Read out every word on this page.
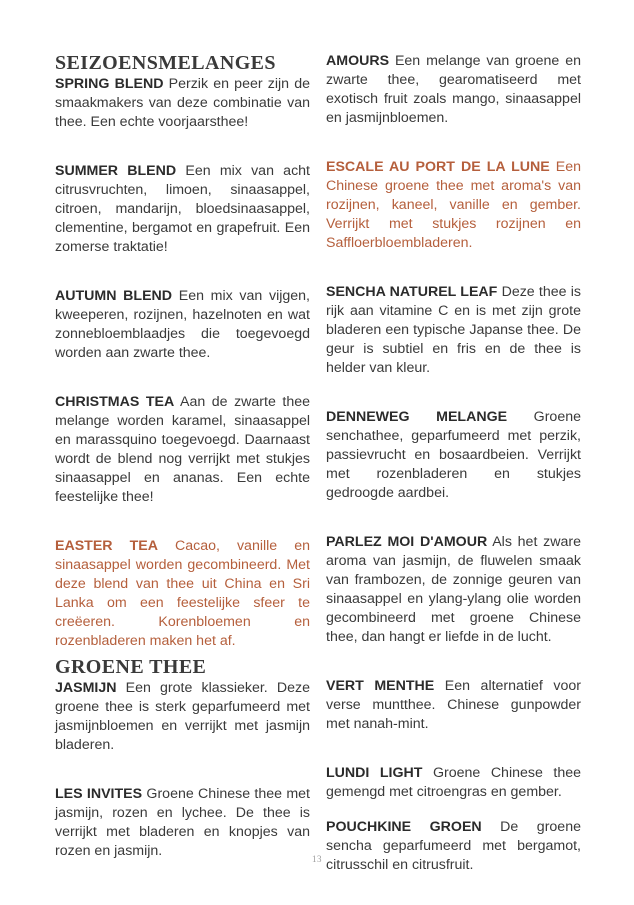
SEIZOENSMELANGES

SPRING BLEND Perzik en peer zijn de smaakmakers van deze combinatie van thee. Een echte voorjaarsthee!

SUMMER BLEND Een mix van acht citrusvruchten, limoen, sinaasappel, citroen, mandarijn, bloedsinaasappel, clementine, bergamot en grapefruit. Een zomerse traktatie!

AUTUMN BLEND Een mix van vijgen, kweeperen, rozijnen, hazelnoten en wat zonnebloemblaadjes die toegevoegd worden aan zwarte thee.

CHRISTMAS TEA Aan de zwarte thee melange worden karamel, sinaasappel en marassquino toegevoegd. Daarnaast wordt de blend nog verrijkt met stukjes sinaasappel en ananas. Een echte feestelijke thee!

EASTER TEA Cacao, vanille en sinaasappel worden gecombineerd. Met deze blend van thee uit China en Sri Lanka om een feestelijke sfeer te creëeren. Korenbloemen en rozenbladeren maken het af.

GROENE THEE

JASMIJN Een grote klassieker. Deze groene thee is sterk geparfumeerd met jasmijnbloemen en verrijkt met jasmijn bladeren.

LES INVITES Groene Chinese thee met jasmijn, rozen en lychee. De thee is verrijkt met bladeren en knopjes van rozen en jasmijn.

AMOURS Een melange van groene en zwarte thee, gearomatiseerd met exotisch fruit zoals mango, sinaasappel en jasmijnbloemen.

ESCALE AU PORT DE LA LUNE Een Chinese groene thee met aroma's van rozijnen, kaneel, vanille en gember. Verrijkt met stukjes rozijnen en Saffloerbloembladeren.

SENCHA NATUREL LEAF Deze thee is rijk aan vitamine C en is met zijn grote bladeren een typische Japanse thee. De geur is subtiel en fris en de thee is helder van kleur.

DENNEWEG MELANGE Groene senchathee, geparfumeerd met perzik, passievrucht en bosaardbeien. Verrijkt met rozenbladeren en stukjes gedroogde aardbei.

PARLEZ MOI D'AMOUR Als het zware aroma van jasmijn, de fluwelen smaak van frambozen, de zonnige geuren van sinaasappel en ylang-ylang olie worden gecombineerd met groene Chinese thee, dan hangt er liefde in de lucht.

VERT MENTHE Een alternatief voor verse muntthee. Chinese gunpowder met nanah-mint.

LUNDI LIGHT Groene Chinese thee gemengd met citroengras en gember.

POUCHKINE GROEN De groene sencha geparfumeerd met bergamot, citrusschil en citrusfruit.

13
